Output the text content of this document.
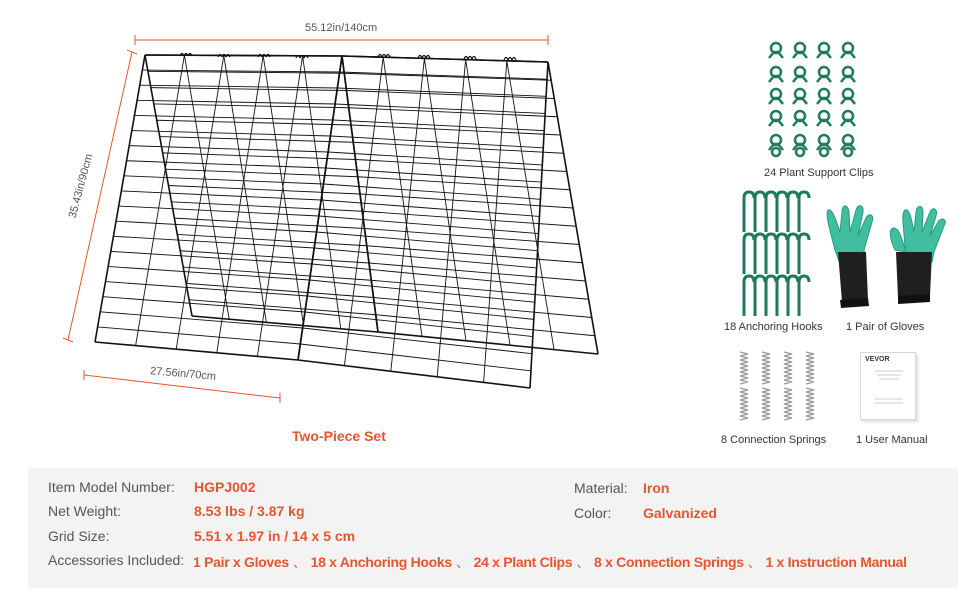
55.12in/140cm
35.43in/90cm
27.56in/70cm
Two-Piece Set
24 Plant Support Clips
18 Anchoring Hooks 1 Pair of Gloves
8 Connection Springs
VEVOR
1 User Manual
Item Model Number: HGPJ002
Net Weight:	8.53 lbs / 3.87 kg
Grid Size:	5.51 x 1.97 in / 14 x 5 cm
Material: Iron
Color: Galvanized
Accessories Included: 1 Pair x Gloves 、 18 x Anchoring Hooks 、 24 x Plant Clips 、 8 x Connection Springs 、 1 x Instruction Manual
